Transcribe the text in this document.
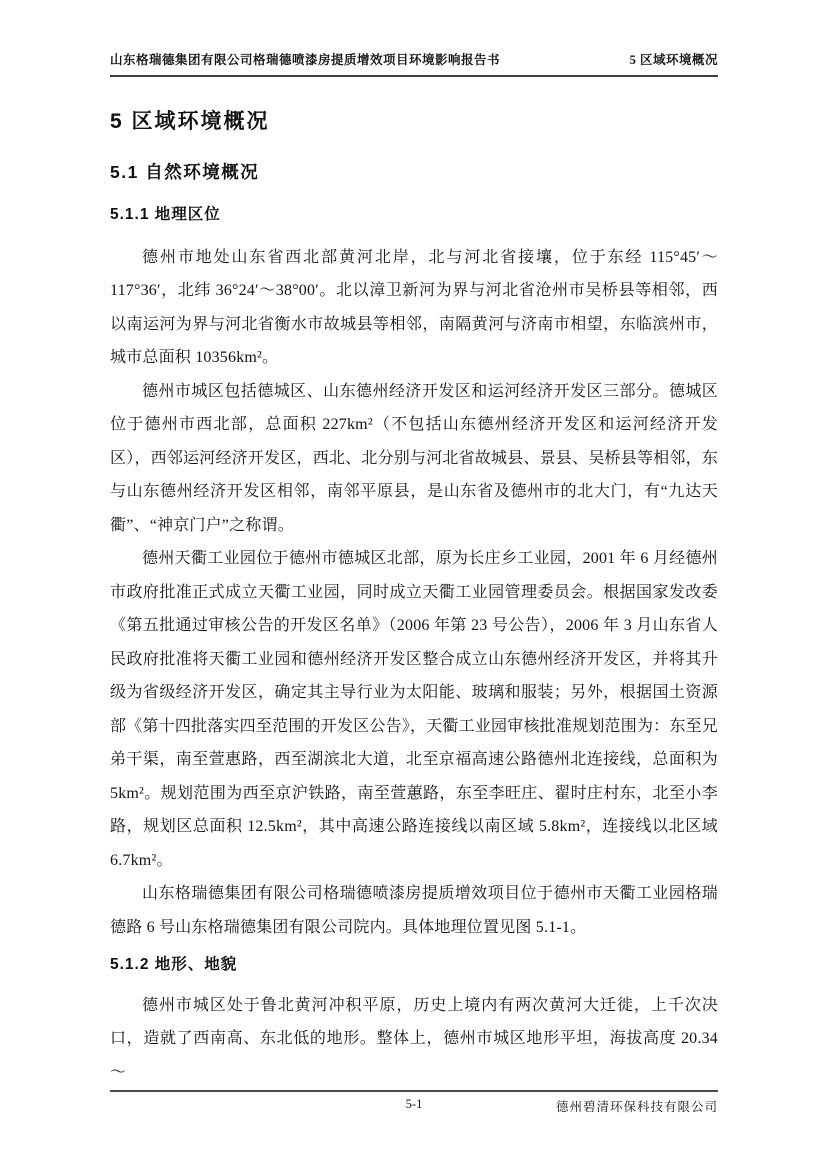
山东格瑞德集团有限公司格瑞德喷漆房提质增效项目环境影响报告书	5 区域环境概况
5 区域环境概况
5.1 自然环境概况
5.1.1 地理区位

德州市地处山东省西北部黄河北岸，北与河北省接壤，位于东经 115°45′～117°36′，北纬 36°24′～38°00′。北以漳卫新河为界与河北省沧州市吴桥县等相邻，西以南运河为界与河北省衡水市故城县等相邻，南隔黄河与济南市相望，东临滨州市，城市总面积 10356km²。

德州市城区包括德城区、山东德州经济开发区和运河经济开发区三部分。德城区位于德州市西北部，总面积 227km²（不包括山东德州经济开发区和运河经济开发区），西邻运河经济开发区，西北、北分别与河北省故城县、景县、吴桥县等相邻，东与山东德州经济开发区相邻，南邻平原县，是山东省及德州市的北大门，有“九达天衢”、“神京门户”之称谓。

德州天衢工业园位于德州市德城区北部，原为长庄乡工业园，2001 年 6 月经德州市政府批准正式成立天衢工业园，同时成立天衢工业园管理委员会。根据国家发改委《第五批通过审核公告的开发区名单》（2006 年第 23 号公告），2006 年 3 月山东省人民政府批准将天衢工业园和德州经济开发区整合成立山东德州经济开发区，并将其升级为省级经济开发区，确定其主导行业为太阳能、玻璃和服装；另外，根据国土资源部《第十四批落实四至范围的开发区公告》，天衢工业园审核批准规划范围为：东至兄弟干渠，南至萱惠路，西至湖滨北大道，北至京福高速公路德州北连接线，总面积为 5km²。规划范围为西至京沪铁路，南至萱蕙路，东至李旺庄、翟时庄村东，北至小李路，规划区总面积 12.5km²，其中高速公路连接线以南区域 5.8km²，连接线以北区域 6.7km²。

山东格瑞德集团有限公司格瑞德喷漆房提质增效项目位于德州市天衢工业园格瑞德路 6 号山东格瑞德集团有限公司院内。具体地理位置见图 5.1-1。

5.1.2 地形、地貌

德州市城区处于鲁北黄河冲积平原，历史上境内有两次黄河大迁徙，上千次决口，造就了西南高、东北低的地形。整体上，德州市城区地形平坦，海拔高度 20.34～

5-1	德州碧清环保科技有限公司
